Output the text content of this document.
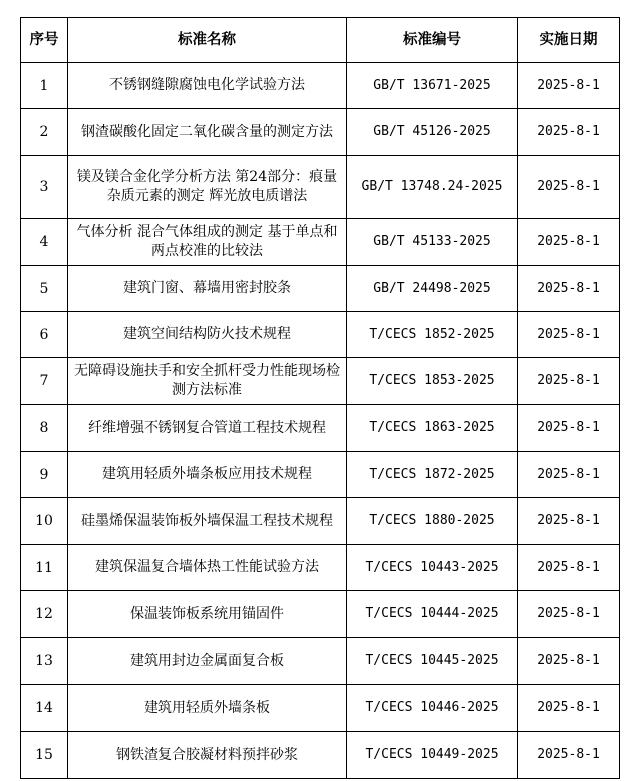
序号	标准名称	标准编号	实施日期
1	不锈钢缝隙腐蚀电化学试验方法	GB/T 13671-2025	2025-8-1
2	钢渣碳酸化固定二氧化碳含量的测定方法	GB/T 45126-2025	2025-8-1
3	镁及镁合金化学分析方法 第24部分：痕量杂质元素的测定 辉光放电质谱法	GB/T 13748.24-2025	2025-8-1
4	气体分析 混合气体组成的测定 基于单点和两点校准的比较法	GB/T 45133-2025	2025-8-1
5	建筑门窗、幕墙用密封胶条	GB/T 24498-2025	2025-8-1
6	建筑空间结构防火技术规程	T/CECS 1852-2025	2025-8-1
7	无障碍设施扶手和安全抓杆受力性能现场检测方法标准	T/CECS 1853-2025	2025-8-1
8	纤维增强不锈钢复合管道工程技术规程	T/CECS 1863-2025	2025-8-1
9	建筑用轻质外墙条板应用技术规程	T/CECS 1872-2025	2025-8-1
10	硅墨烯保温装饰板外墙保温工程技术规程	T/CECS 1880-2025	2025-8-1
11	建筑保温复合墙体热工性能试验方法	T/CECS 10443-2025	2025-8-1
12	保温装饰板系统用锚固件	T/CECS 10444-2025	2025-8-1
13	建筑用封边金属面复合板	T/CECS 10445-2025	2025-8-1
14	建筑用轻质外墙条板	T/CECS 10446-2025	2025-8-1
15	钢铁渣复合胶凝材料预拌砂浆	T/CECS 10449-2025	2025-8-1
